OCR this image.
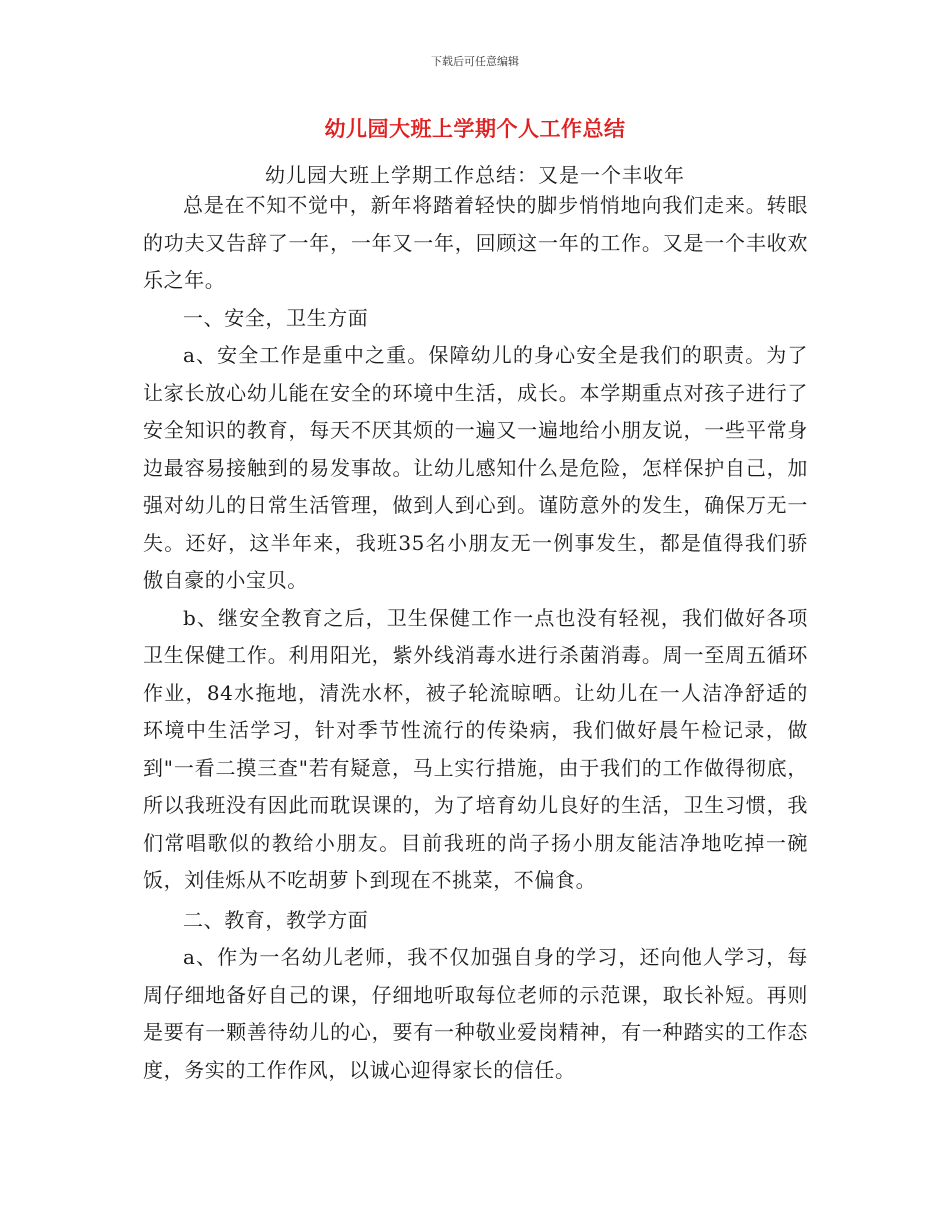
下载后可任意编辑
幼儿园大班上学期个人工作总结
幼儿园大班上学期工作总结：又是一个丰收年

总是在不知不觉中，新年将踏着轻快的脚步悄悄地向我们走来。转眼的功夫又告辞了一年，一年又一年，回顾这一年的工作。又是一个丰收欢乐之年。

一、安全，卫生方面

a、安全工作是重中之重。保障幼儿的身心安全是我们的职责。为了让家长放心幼儿能在安全的环境中生活，成长。本学期重点对孩子进行了安全知识的教育，每天不厌其烦的一遍又一遍地给小朋友说，一些平常身边最容易接触到的易发事故。让幼儿感知什么是危险，怎样保护自己，加强对幼儿的日常生活管理，做到人到心到。谨防意外的发生，确保万无一失。还好，这半年来，我班35名小朋友无一例事发生，都是值得我们骄傲自豪的小宝贝。

b、继安全教育之后，卫生保健工作一点也没有轻视，我们做好各项卫生保健工作。利用阳光，紫外线消毒水进行杀菌消毒。周一至周五循环作业，84水拖地，清洗水杯，被子轮流晾晒。让幼儿在一人洁净舒适的环境中生活学习，针对季节性流行的传染病，我们做好晨午检记录，做到"一看二摸三查"若有疑意，马上实行措施，由于我们的工作做得彻底，所以我班没有因此而耽误课的，为了培育幼儿良好的生活，卫生习惯，我们常唱歌似的教给小朋友。目前我班的尚子扬小朋友能洁净地吃掉一碗饭，刘佳烁从不吃胡萝卜到现在不挑菜，不偏食。

二、教育，教学方面

a、作为一名幼儿老师，我不仅加强自身的学习，还向他人学习，每周仔细地备好自己的课，仔细地听取每位老师的示范课，取长补短。再则是要有一颗善待幼儿的心，要有一种敬业爱岗精神，有一种踏实的工作态度，务实的工作作风，以诚心迎得家长的信任。
